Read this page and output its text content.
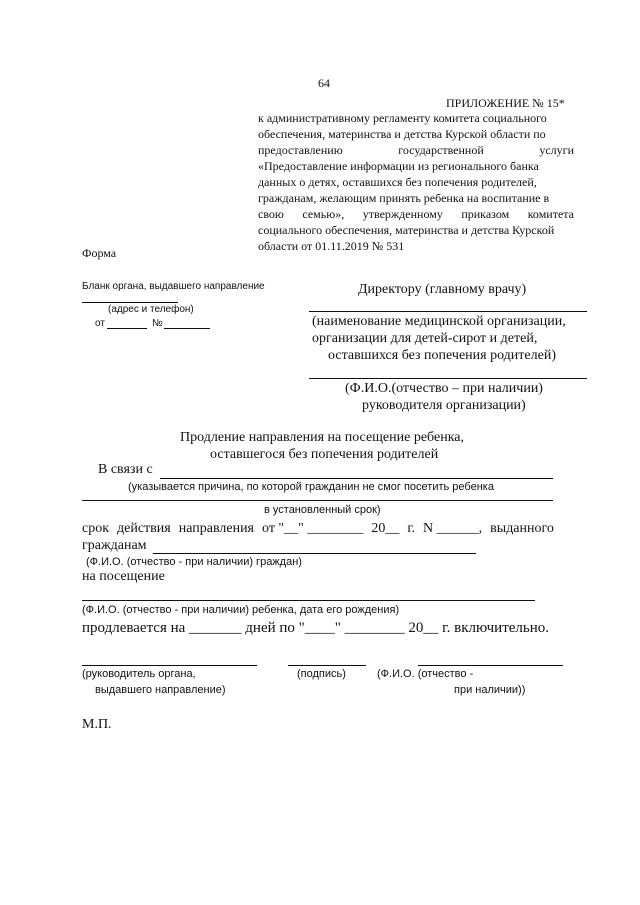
64
ПРИЛОЖЕНИЕ № 15*
к административному регламенту комитета социального
обеспечения, материнства и детства Курской области по
предоставлению государственной услуги
«Предоставление информации из регионального банка
данных о детях, оставшихся без попечения родителей,
гражданам, желающим принять ребенка на воспитание в
свою семью», утвержденному приказом комитета
социального обеспечения, материнства и детства Курской
области от 01.11.2019 № 531
Форма
Бланк органа, выдавшего направление
(адрес и телефон)
от	№
Директору (главному врачу)
(наименование медицинской организации,
организации для детей-сирот и детей,
оставшихся без попечения родителей)
(Ф.И.О.(отчество – при наличии)
руководителя организации)
Продление направления на посещение ребенка,
оставшегося без попечения родителей
В связи с
(указывается причина, по которой гражданин не смог посетить ребенка
в установленный срок)
срок действия направления от "__" ________ 20__ г. N ______, выданного
гражданам
(Ф.И.О. (отчество - при наличии) граждан)
на посещение
(Ф.И.О. (отчество - при наличии) ребенка, дата его рождения)
продлевается на _______ дней по "____" ________ 20__ г. включительно.
(руководитель органа,
выдавшего направление)
(подпись)	(Ф.И.О. (отчество -
при наличии))
М.П.
